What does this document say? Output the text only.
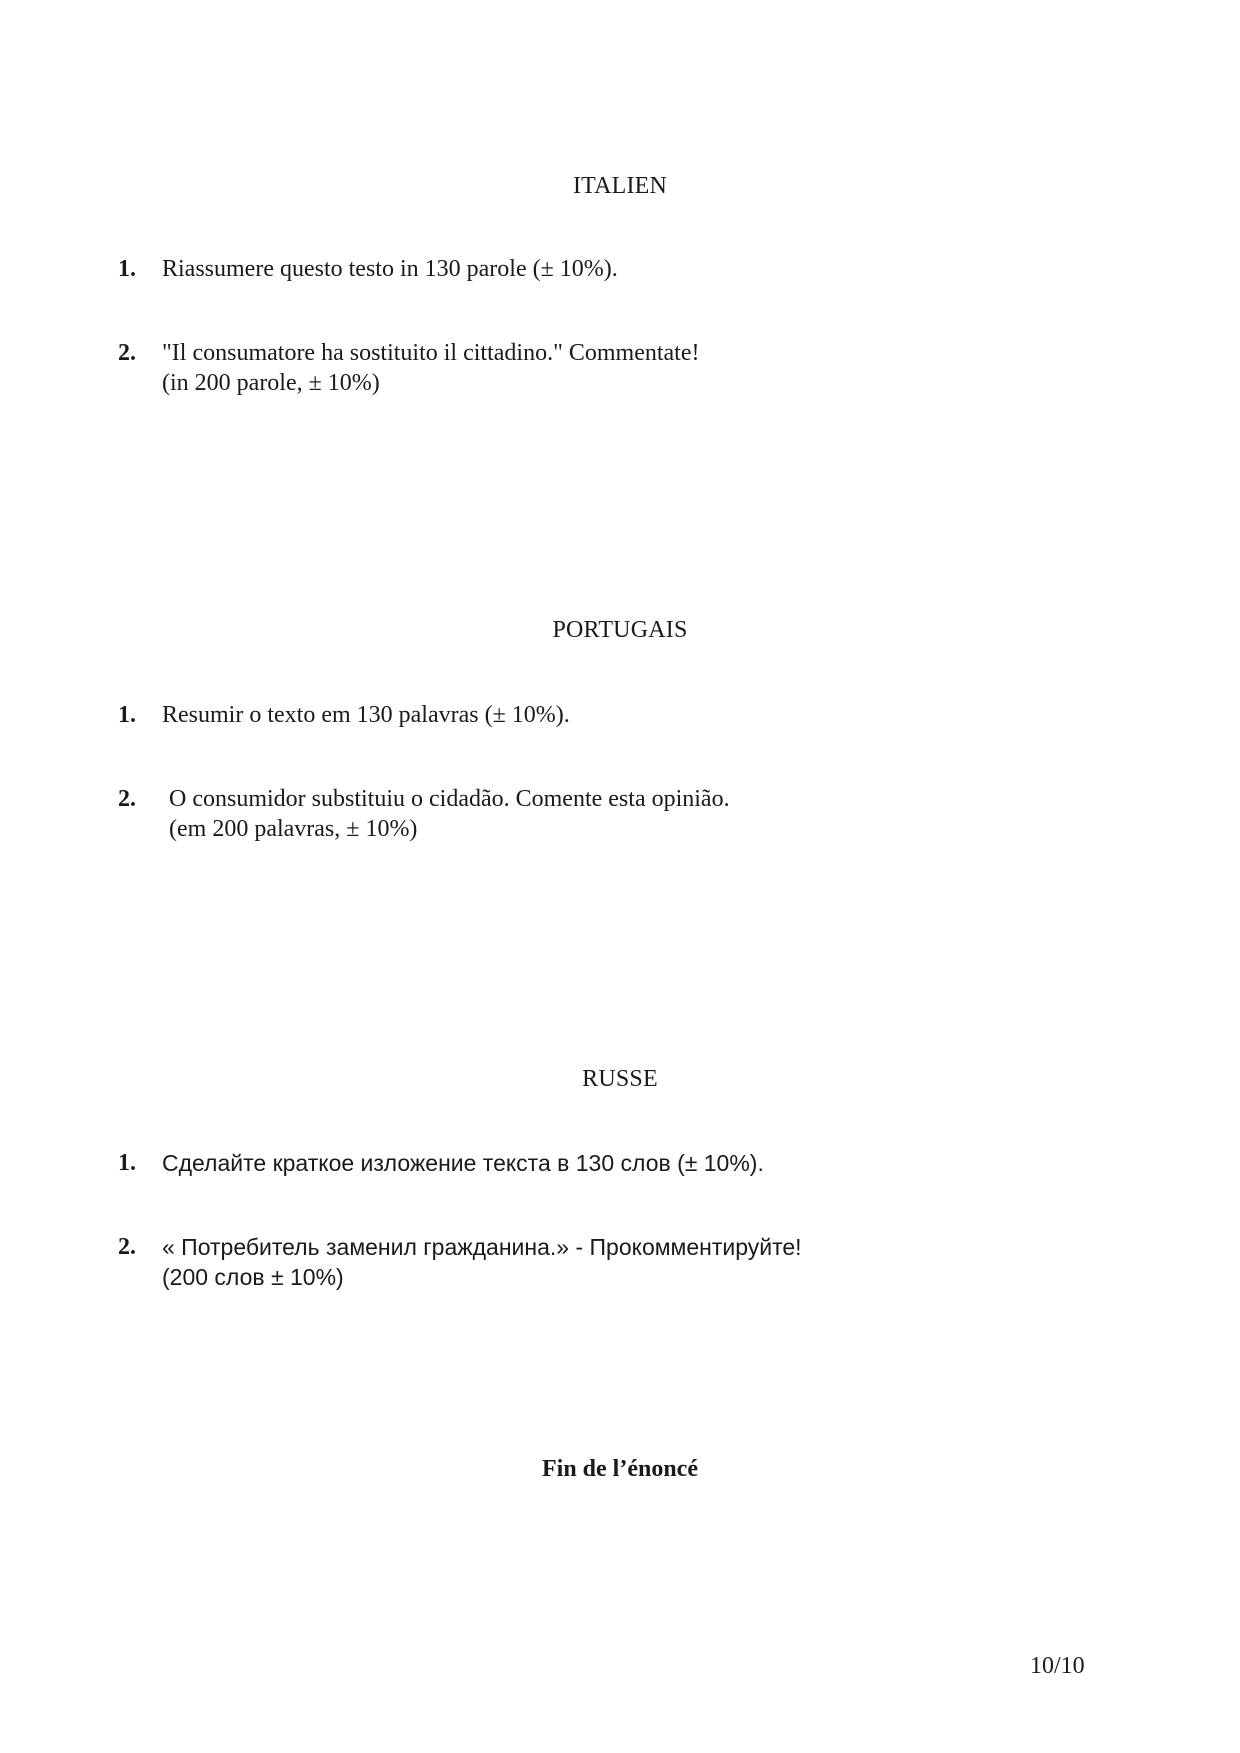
ITALIEN
1.	Riassumere questo testo in 130 parole (± 10%).
2.	"Il consumatore ha sostituito il cittadino." Commentate!
(in 200 parole, ± 10%)
PORTUGAIS
1.	Resumir o texto em 130 palavras (± 10%).
2.	O consumidor substituiu o cidadão. Comente esta opinião.
(em 200 palavras, ± 10%)
RUSSE
1.	Сделайте краткое изложение текста в 130 слов (± 10%).
2.	« Потребитель заменил гражданина.» - Прокомментируйте!
(200 слов ± 10%)
Fin de l’énoncé
10/10
